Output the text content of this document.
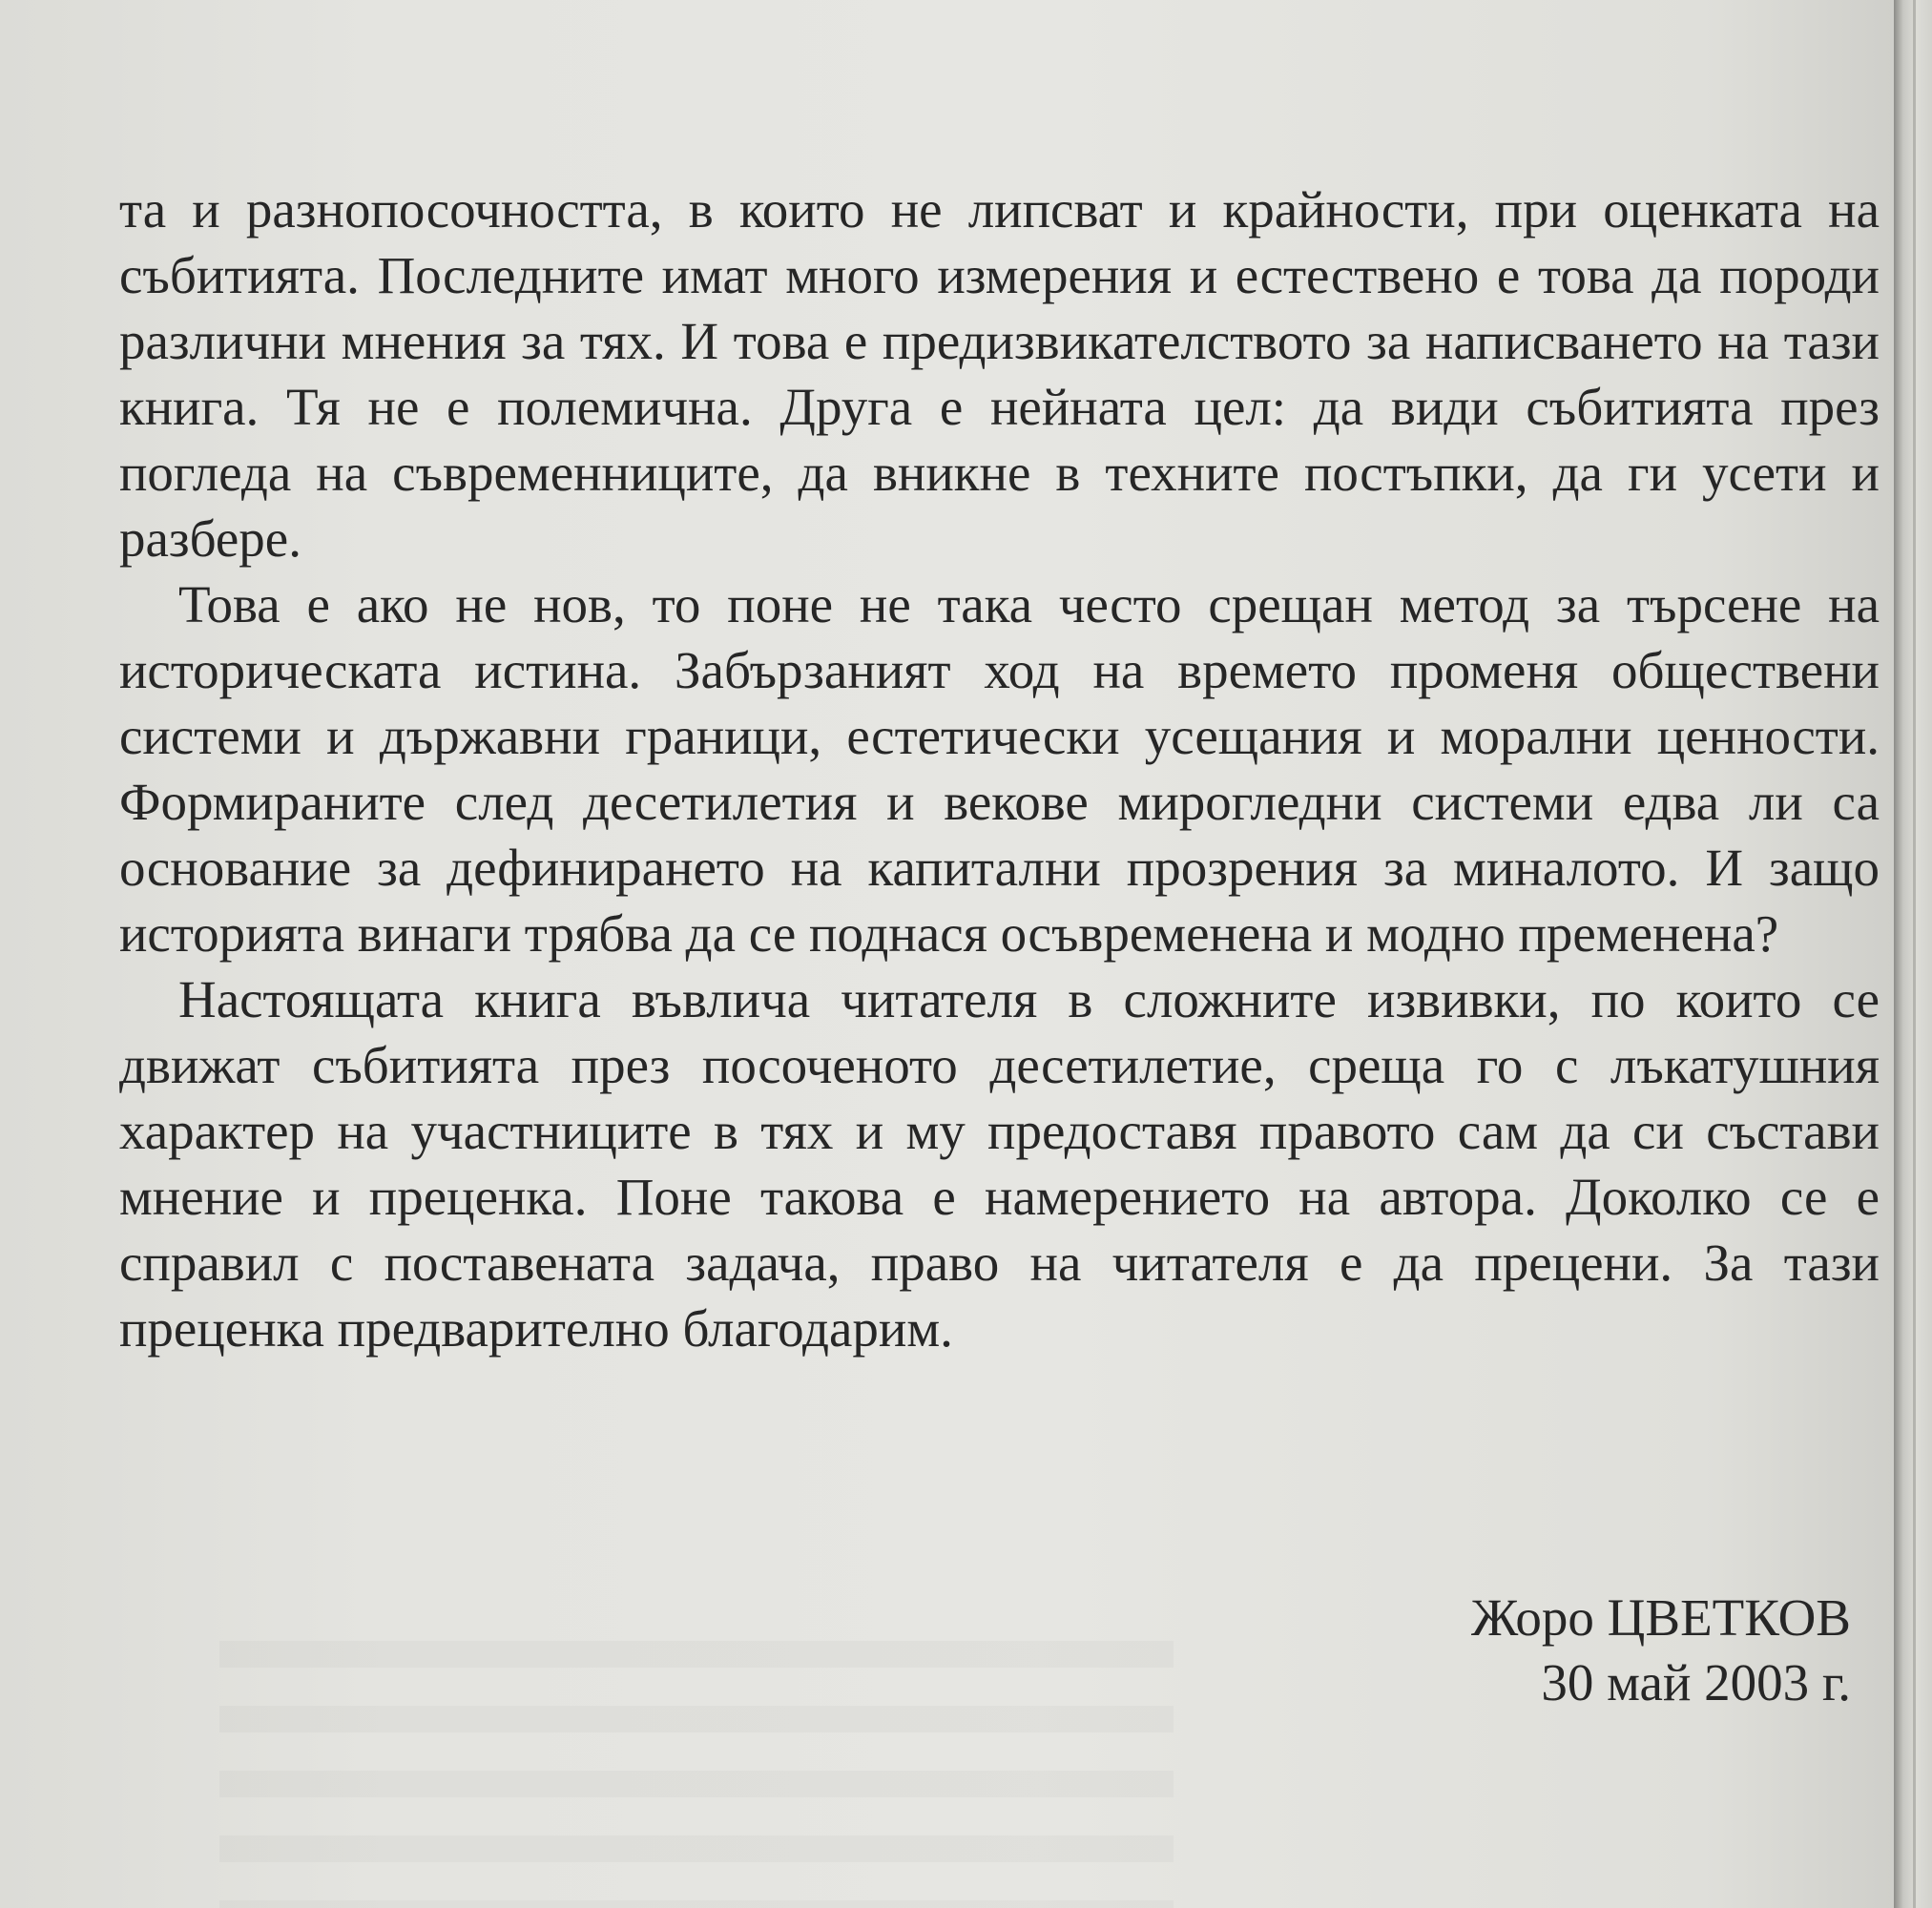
та и разнопосочността, в които не липсват и крайности, при оценката на събитията. Последните имат много измерения и естествено е това да породи различни мнения за тях. И това е предизвикателството за написването на тази книга. Тя не е полемична. Друга е нейната цел: да види събитията през погледа на съвременниците, да вникне в техните постъпки, да ги усети и разбере.

Това е ако не нов, то поне не така често срещан метод за търсене на историческата истина. Забързаният ход на времето променя обществени системи и държавни граници, естетически усещания и морални ценности. Формираните след десетилетия и векове мирогледни системи едва ли са основание за дефинирането на капитални прозрения за миналото. И защо историята винаги трябва да се поднася осъвременена и модно пременена?

Настоящата книга въвлича читателя в сложните извивки, по които се движат събитията през посоченото десетилетие, среща го с лъкатушния характер на участниците в тях и му предоставя правото сам да си състави мнение и преценка. Поне такова е намерението на автора. Доколко се е справил с поставената задача, право на читателя е да прецени. За тази преценка предварително благодарим.

Жоро ЦВЕТКОВ
30 май 2003 г.
